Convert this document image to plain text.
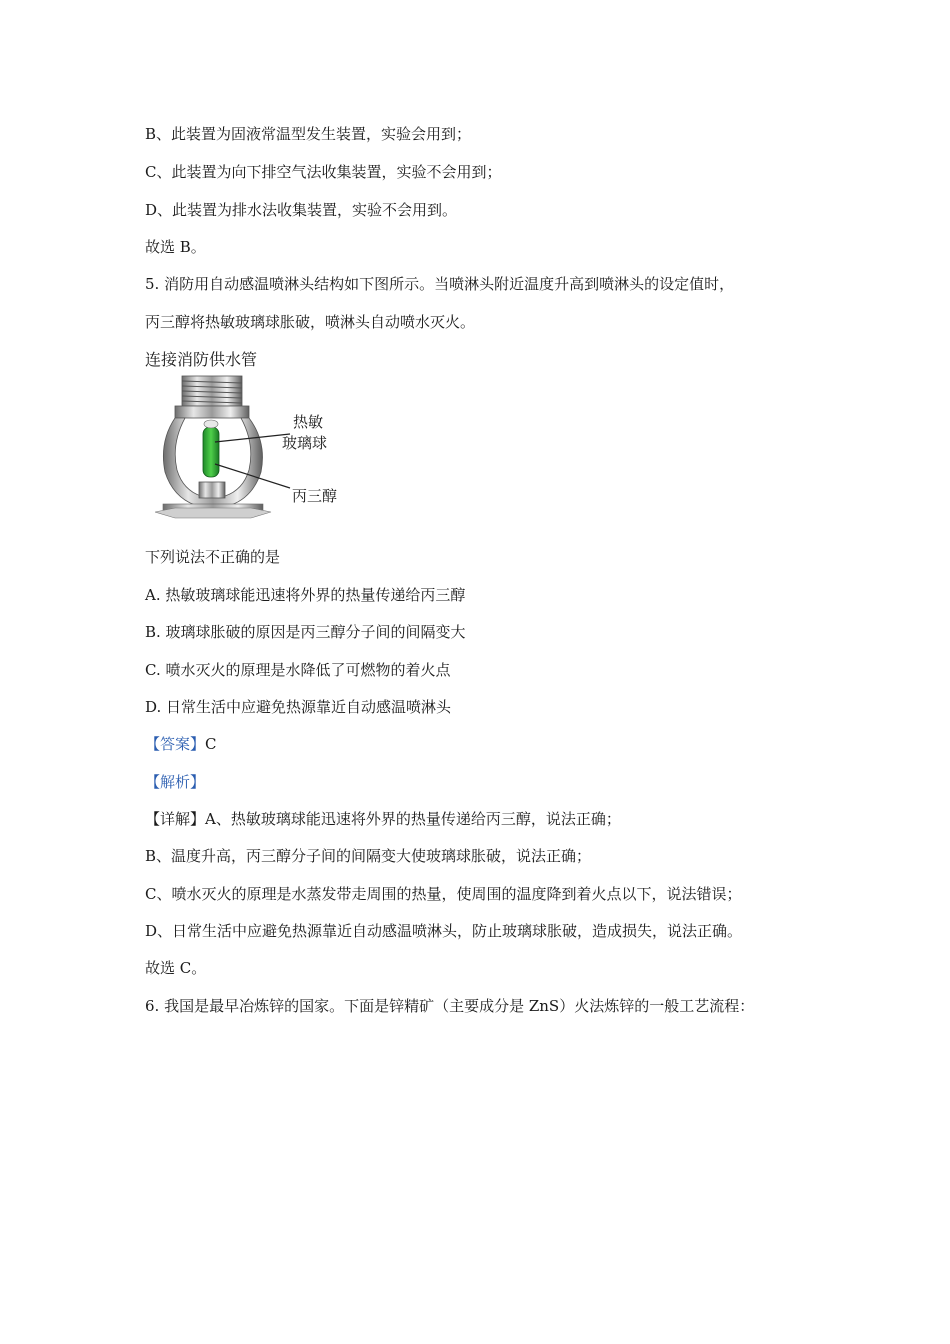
B、此装置为固液常温型发生装置，实验会用到；
C、此装置为向下排空气法收集装置，实验不会用到；
D、此装置为排水法收集装置，实验不会用到。
故选 B。
5. 消防用自动感温喷淋头结构如下图所示。当喷淋头附近温度升高到喷淋头的设定值时，
丙三醇将热敏玻璃球胀破，喷淋头自动喷水灭火。
连接消防供水管
热敏
玻璃球
丙三醇
下列说法不正确的是
A. 热敏玻璃球能迅速将外界的热量传递给丙三醇
B. 玻璃球胀破的原因是丙三醇分子间的间隔变大
C. 喷水灭火的原理是水降低了可燃物的着火点
D. 日常生活中应避免热源靠近自动感温喷淋头
【答案】C
【解析】
【详解】A、热敏玻璃球能迅速将外界的热量传递给丙三醇，说法正确；
B、温度升高，丙三醇分子间的间隔变大使玻璃球胀破，说法正确；
C、喷水灭火的原理是水蒸发带走周围的热量，使周围的温度降到着火点以下，说法错误；
D、日常生活中应避免热源靠近自动感温喷淋头，防止玻璃球胀破，造成损失，说法正确。
故选 C。
6. 我国是最早冶炼锌的国家。下面是锌精矿（主要成分是 ZnS）火法炼锌的一般工艺流程：
